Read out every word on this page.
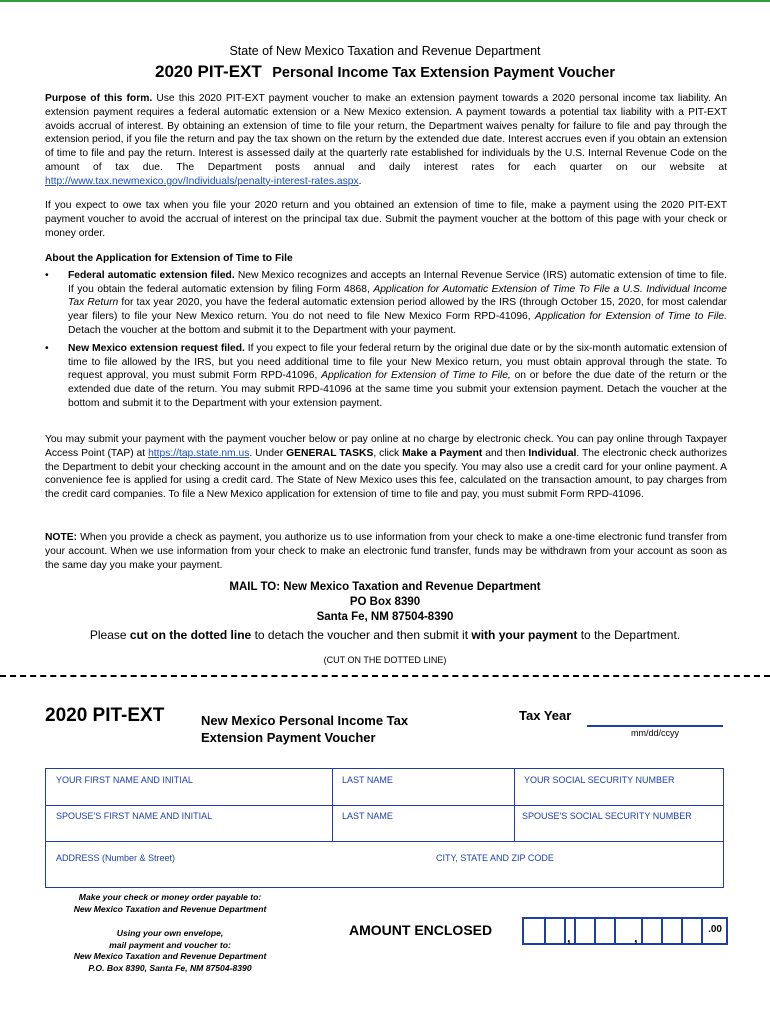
State of New Mexico Taxation and Revenue Department
2020 PIT-EXT Personal Income Tax Extension Payment Voucher

Purpose of this form. Use this 2020 PIT-EXT payment voucher to make an extension payment towards a 2020 personal income tax liability. An extension payment requires a federal automatic extension or a New Mexico extension. A payment towards a potential tax liability with a PIT-EXT avoids accrual of interest. By obtaining an extension of time to file your return, the Department waives penalty for failure to file and pay through the extension period, if you file the return and pay the tax shown on the return by the extended due date. Interest accrues even if you obtain an extension of time to file and pay the return. Interest is assessed daily at the quarterly rate established for individuals by the U.S. Internal Revenue Code on the amount of tax due. The Department posts annual and daily interest rates for each quarter on our website at http://www.tax.newmexico.gov/Individuals/penalty-interest-rates.aspx.

If you expect to owe tax when you file your 2020 return and you obtained an extension of time to file, make a payment using the 2020 PIT-EXT payment voucher to avoid the accrual of interest on the principal tax due. Submit the payment voucher at the bottom of this page with your check or money order.

About the Application for Extension of Time to File

• Federal automatic extension filed. New Mexico recognizes and accepts an Internal Revenue Service (IRS) automatic extension of time to file. If you obtain the federal automatic extension by filing Form 4868, Application for Automatic Extension of Time To File a U.S. Individual Income Tax Return for tax year 2020, you have the federal automatic extension period allowed by the IRS (through October 15, 2020, for most calendar year filers) to file your New Mexico return. You do not need to file New Mexico Form RPD-41096, Application for Extension of Time to File. Detach the voucher at the bottom and submit it to the Department with your payment.

• New Mexico extension request filed. If you expect to file your federal return by the original due date or by the six-month automatic extension of time to file allowed by the IRS, but you need additional time to file your New Mexico return, you must obtain approval through the state. To request approval, you must submit Form RPD-41096, Application for Extension of Time to File, on or before the due date of the return or the extended due date of the return. You may submit RPD-41096 at the same time you submit your extension payment. Detach the voucher at the bottom and submit it to the Department with your extension payment.

You may submit your payment with the payment voucher below or pay online at no charge by electronic check. You can pay online through Taxpayer Access Point (TAP) at https://tap.state.nm.us. Under GENERAL TASKS, click Make a Payment and then Individual. The electronic check authorizes the Department to debit your checking account in the amount and on the date you specify. You may also use a credit card for your online payment. A convenience fee is applied for using a credit card. The State of New Mexico uses this fee, calculated on the transaction amount, to pay charges from the credit card companies. To file a New Mexico application for extension of time to file and pay, you must submit Form RPD-41096.

NOTE: When you provide a check as payment, you authorize us to use information from your check to make a one-time electronic fund transfer from your account. When we use information from your check to make an electronic fund transfer, funds may be withdrawn from your account as soon as the same day you make your payment.

MAIL TO: New Mexico Taxation and Revenue Department
PO Box 8390
Santa Fe, NM 87504-8390
Please cut on the dotted line to detach the voucher and then submit it with your payment to the Department.
(CUT ON THE DOTTED LINE)
2020 PIT-EXT	New Mexico Personal Income Tax
Extension Payment Voucher
Tax Year
mm/dd/ccyy
YOUR FIRST NAME AND INITIAL	LAST NAME	YOUR SOCIAL SECURITY NUMBER
SPOUSE'S FIRST NAME AND INITIAL	LAST NAME	SPOUSE'S SOCIAL SECURITY NUMBER
ADDRESS (Number & Street)	CITY, STATE AND ZIP CODE
Make your check or money order payable to:
New Mexico Taxation and Revenue Department
Using your own envelope,
mail payment and voucher to:
New Mexico Taxation and Revenue Department
P.O. Box 8390, Santa Fe, NM 87504-8390
AMOUNT ENCLOSED	,	,
.00
